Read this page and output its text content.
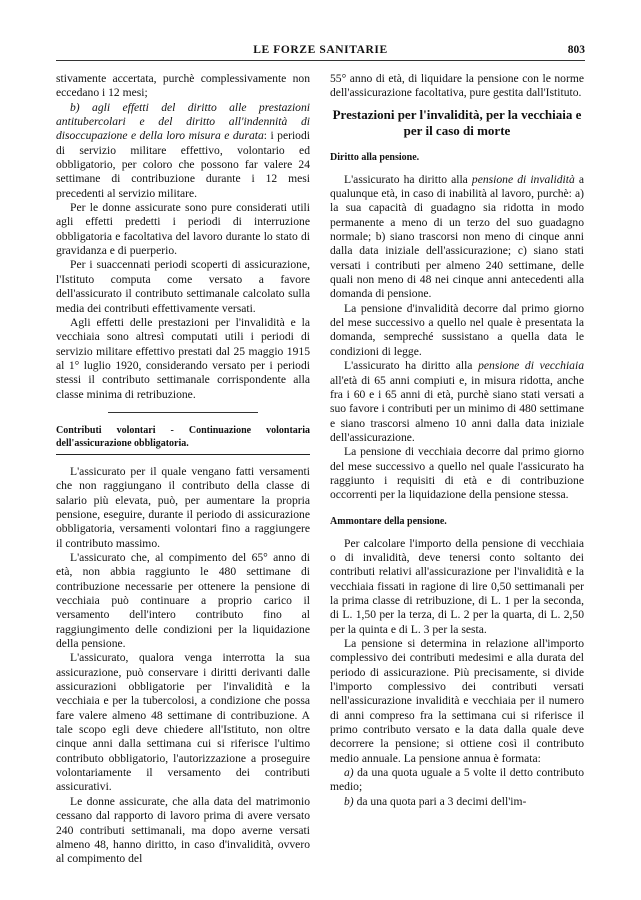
LE FORZE SANITARIE	803

stivamente accertata, purchè complessivamente non eccedano i 12 mesi;

b) agli effetti del diritto alle prestazioni antitubercolari e del diritto all'indennità di disoccupazione e della loro misura e durata: i periodi di servizio militare effettivo, volontario ed obbligatorio, per coloro che possono far valere 24 settimane di contribuzione durante i 12 mesi precedenti al servizio militare.

Per le donne assicurate sono pure considerati utili agli effetti predetti i periodi di interruzione obbligatoria e facoltativa del lavoro durante lo stato di gravidanza e di puerperio.

Per i suaccennati periodi scoperti di assicurazione, l'Istituto computa come versato a favore dell'assicurato il contributo settimanale calcolato sulla media dei contributi effettivamente versati.

Agli effetti delle prestazioni per l'invalidità e la vecchiaia sono altresì computati utili i periodi di servizio militare effettivo prestati dal 25 maggio 1915 al 1° luglio 1920, considerando versato per i periodi stessi il contributo settimanale corrispondente alla classe minima di retribuzione.

Contributi volontari - Continuazione volontaria dell'assicurazione obbligatoria.

L'assicurato per il quale vengano fatti versamenti che non raggiungano il contributo della classe di salario più elevata, può, per aumentare la propria pensione, eseguire, durante il periodo di assicurazione obbligatoria, versamenti volontari fino a raggiungere il contributo massimo.

L'assicurato che, al compimento del 65° anno di età, non abbia raggiunto le 480 settimane di contribuzione necessarie per ottenere la pensione di vecchiaia può continuare a proprio carico il versamento dell'intero contributo fino al raggiungimento delle condizioni per la liquidazione della pensione.

L'assicurato, qualora venga interrotta la sua assicurazione, può conservare i diritti derivanti dalle assicurazioni obbligatorie per l'invalidità e la vecchiaia e per la tubercolosi, a condizione che possa fare valere almeno 48 settimane di contribuzione. A tale scopo egli deve chiedere all'Istituto, non oltre cinque anni dalla settimana cui si riferisce l'ultimo contributo obbligatorio, l'autorizzazione a proseguire volontariamente il versamento dei contributi assicurativi.

Le donne assicurate, che alla data del matrimonio cessano dal rapporto di lavoro prima di avere versato 240 contributi settimanali, ma dopo averne versati almeno 48, hanno diritto, in caso d'invalidità, ovvero al compimento del

55° anno di età, di liquidare la pensione con le norme dell'assicurazione facoltativa, pure gestita dall'Istituto.

Prestazioni per l'invalidità, per la vecchiaia e per il caso di morte
Diritto alla pensione.

L'assicurato ha diritto alla pensione di invalidità a qualunque età, in caso di inabilità al lavoro, purchè: a) la sua capacità di guadagno sia ridotta in modo permanente a meno di un terzo del suo guadagno normale; b) siano trascorsi non meno di cinque anni dalla data iniziale dell'assicurazione; c) siano stati versati i contributi per almeno 240 settimane, delle quali non meno di 48 nei cinque anni antecedenti alla domanda di pensione.

La pensione d'invalidità decorre dal primo giorno del mese successivo a quello nel quale è presentata la domanda, sempreché sussistano a quella data le condizioni di legge.

L'assicurato ha diritto alla pensione di vecchiaia all'età di 65 anni compiuti e, in misura ridotta, anche fra i 60 e i 65 anni di età, purchè siano stati versati a suo favore i contributi per un minimo di 480 settimane e siano trascorsi almeno 10 anni dalla data iniziale dell'assicurazione.

La pensione di vecchiaia decorre dal primo giorno del mese successivo a quello nel quale l'assicurato ha raggiunto i requisiti di età e di contribuzione occorrenti per la liquidazione della pensione stessa.

Ammontare della pensione.

Per calcolare l'importo della pensione di vecchiaia o di invalidità, deve tenersi conto soltanto dei contributi relativi all'assicurazione per l'invalidità e la vecchiaia fissati in ragione di lire 0,50 settimanali per la prima classe di retribuzione, di L. 1 per la seconda, di L. 1,50 per la terza, di L. 2 per la quarta, di L. 2,50 per la quinta e di L. 3 per la sesta.

La pensione si determina in relazione all'importo complessivo dei contributi medesimi e alla durata del periodo di assicurazione. Più precisamente, si divide l'importo complessivo dei contributi versati nell'assicurazione invalidità e vecchiaia per il numero di anni compreso fra la settimana cui si riferisce il primo contributo versato e la data dalla quale deve decorrere la pensione; si ottiene così il contributo medio annuale. La pensione annua è formata:

a) da una quota uguale a 5 volte il detto contributo medio;

b) da una quota pari a 3 decimi dell'im-
